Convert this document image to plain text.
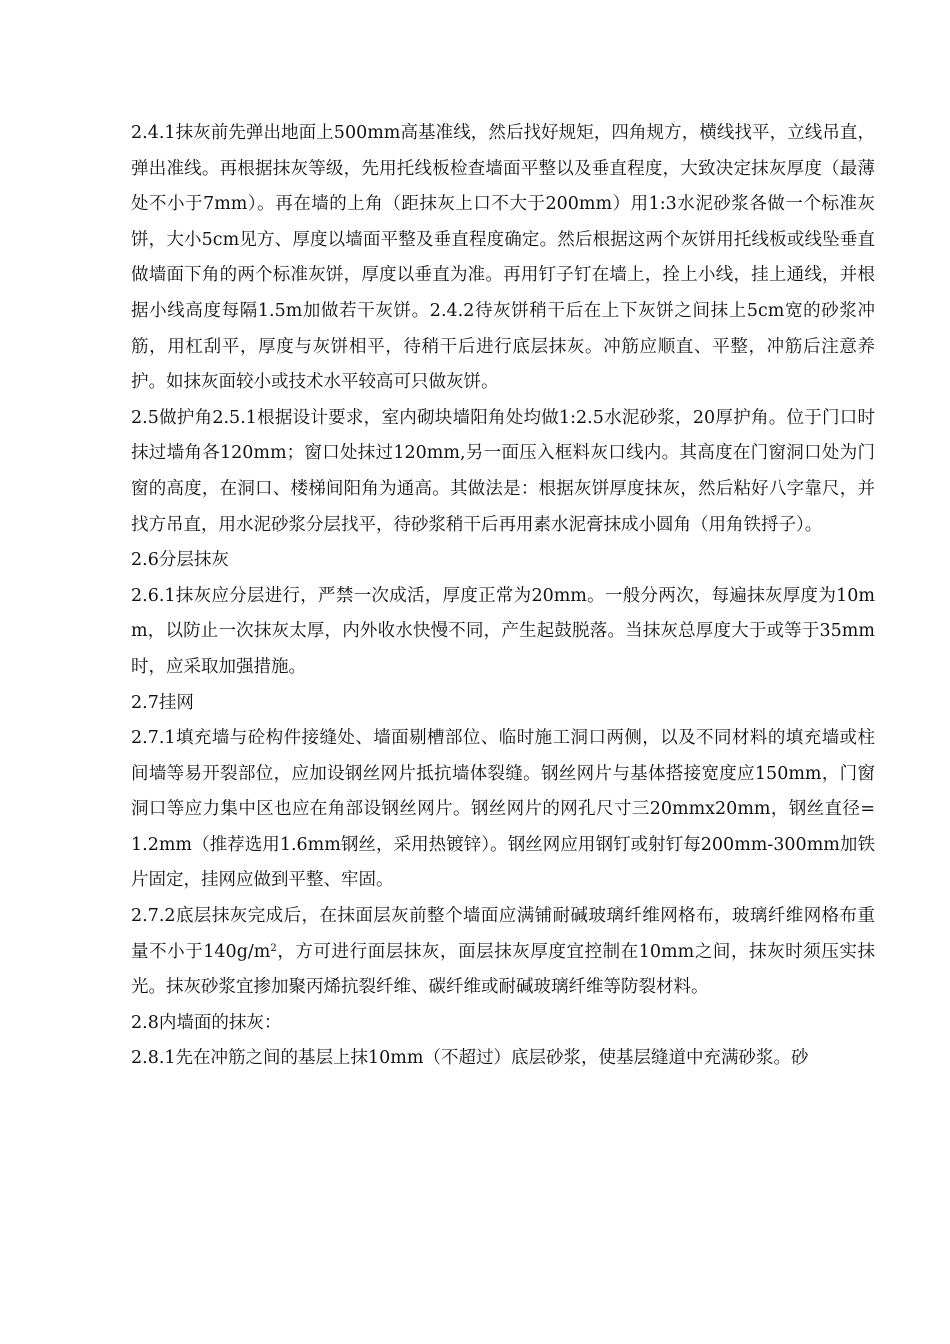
2.4.1抹灰前先弹出地面上500mm高基准线，然后找好规矩，四角规方，横线找平，立线吊直，弹出准线。再根据抹灰等级，先用托线板检查墙面平整以及垂直程度，大致决定抹灰厚度（最薄处不小于7mm）。再在墙的上角（距抹灰上口不大于200mm）用1:3水泥砂浆各做一个标准灰饼，大小5cm见方、厚度以墙面平整及垂直程度确定。然后根据这两个灰饼用托线板或线坠垂直做墙面下角的两个标准灰饼，厚度以垂直为准。再用钉子钉在墙上，拴上小线，挂上通线，并根据小线高度每隔1.5m加做若干灰饼。2.4.2待灰饼稍干后在上下灰饼之间抹上5cm宽的砂浆冲筋，用杠刮平，厚度与灰饼相平，待稍干后进行底层抹灰。冲筋应顺直、平整，冲筋后注意养护。如抹灰面较小或技术水平较高可只做灰饼。

2.5做护角2.5.1根据设计要求，室内砌块墙阳角处均做1:2.5水泥砂浆，20厚护角。位于门口时抹过墙角各120mm；窗口处抹过120mm,另一面压入框料灰口线内。其高度在门窗洞口处为门窗的高度，在洞口、楼梯间阳角为通高。其做法是：根据灰饼厚度抹灰，然后粘好八字靠尺，并找方吊直，用水泥砂浆分层找平，待砂浆稍干后再用素水泥膏抹成小圆角（用角铁捋子）。

2.6分层抹灰

2.6.1抹灰应分层进行，严禁一次成活，厚度正常为20mm。一般分两次，每遍抹灰厚度为10mm，以防止一次抹灰太厚，内外收水快慢不同，产生起鼓脱落。当抹灰总厚度大于或等于35mm时，应采取加强措施。

2.7挂网

2.7.1填充墙与砼构件接缝处、墙面剔槽部位、临时施工洞口两侧，以及不同材料的填充墙或柱间墙等易开裂部位，应加设钢丝网片抵抗墙体裂缝。钢丝网片与基体搭接宽度应150mm，门窗洞口等应力集中区也应在角部设钢丝网片。钢丝网片的网孔尺寸三20mmx20mm，钢丝直径=1.2mm（推荐选用1.6mm钢丝，采用热镀锌）。钢丝网应用钢钉或射钉每200mm-300mm加铁片固定，挂网应做到平整、牢固。

2.7.2底层抹灰完成后，在抹面层灰前整个墙面应满铺耐碱玻璃纤维网格布，玻璃纤维网格布重量不小于$140g/m^2$，方可进行面层抹灰，面层抹灰厚度宜控制在10mm之间，抹灰时须压实抹光。抹灰砂浆宜掺加聚丙烯抗裂纤维、碳纤维或耐碱玻璃纤维等防裂材料。

2.8内墙面的抹灰：

2.8.1先在冲筋之间的基层上抹10mm（不超过）底层砂浆，使基层缝道中充满砂浆。砂
